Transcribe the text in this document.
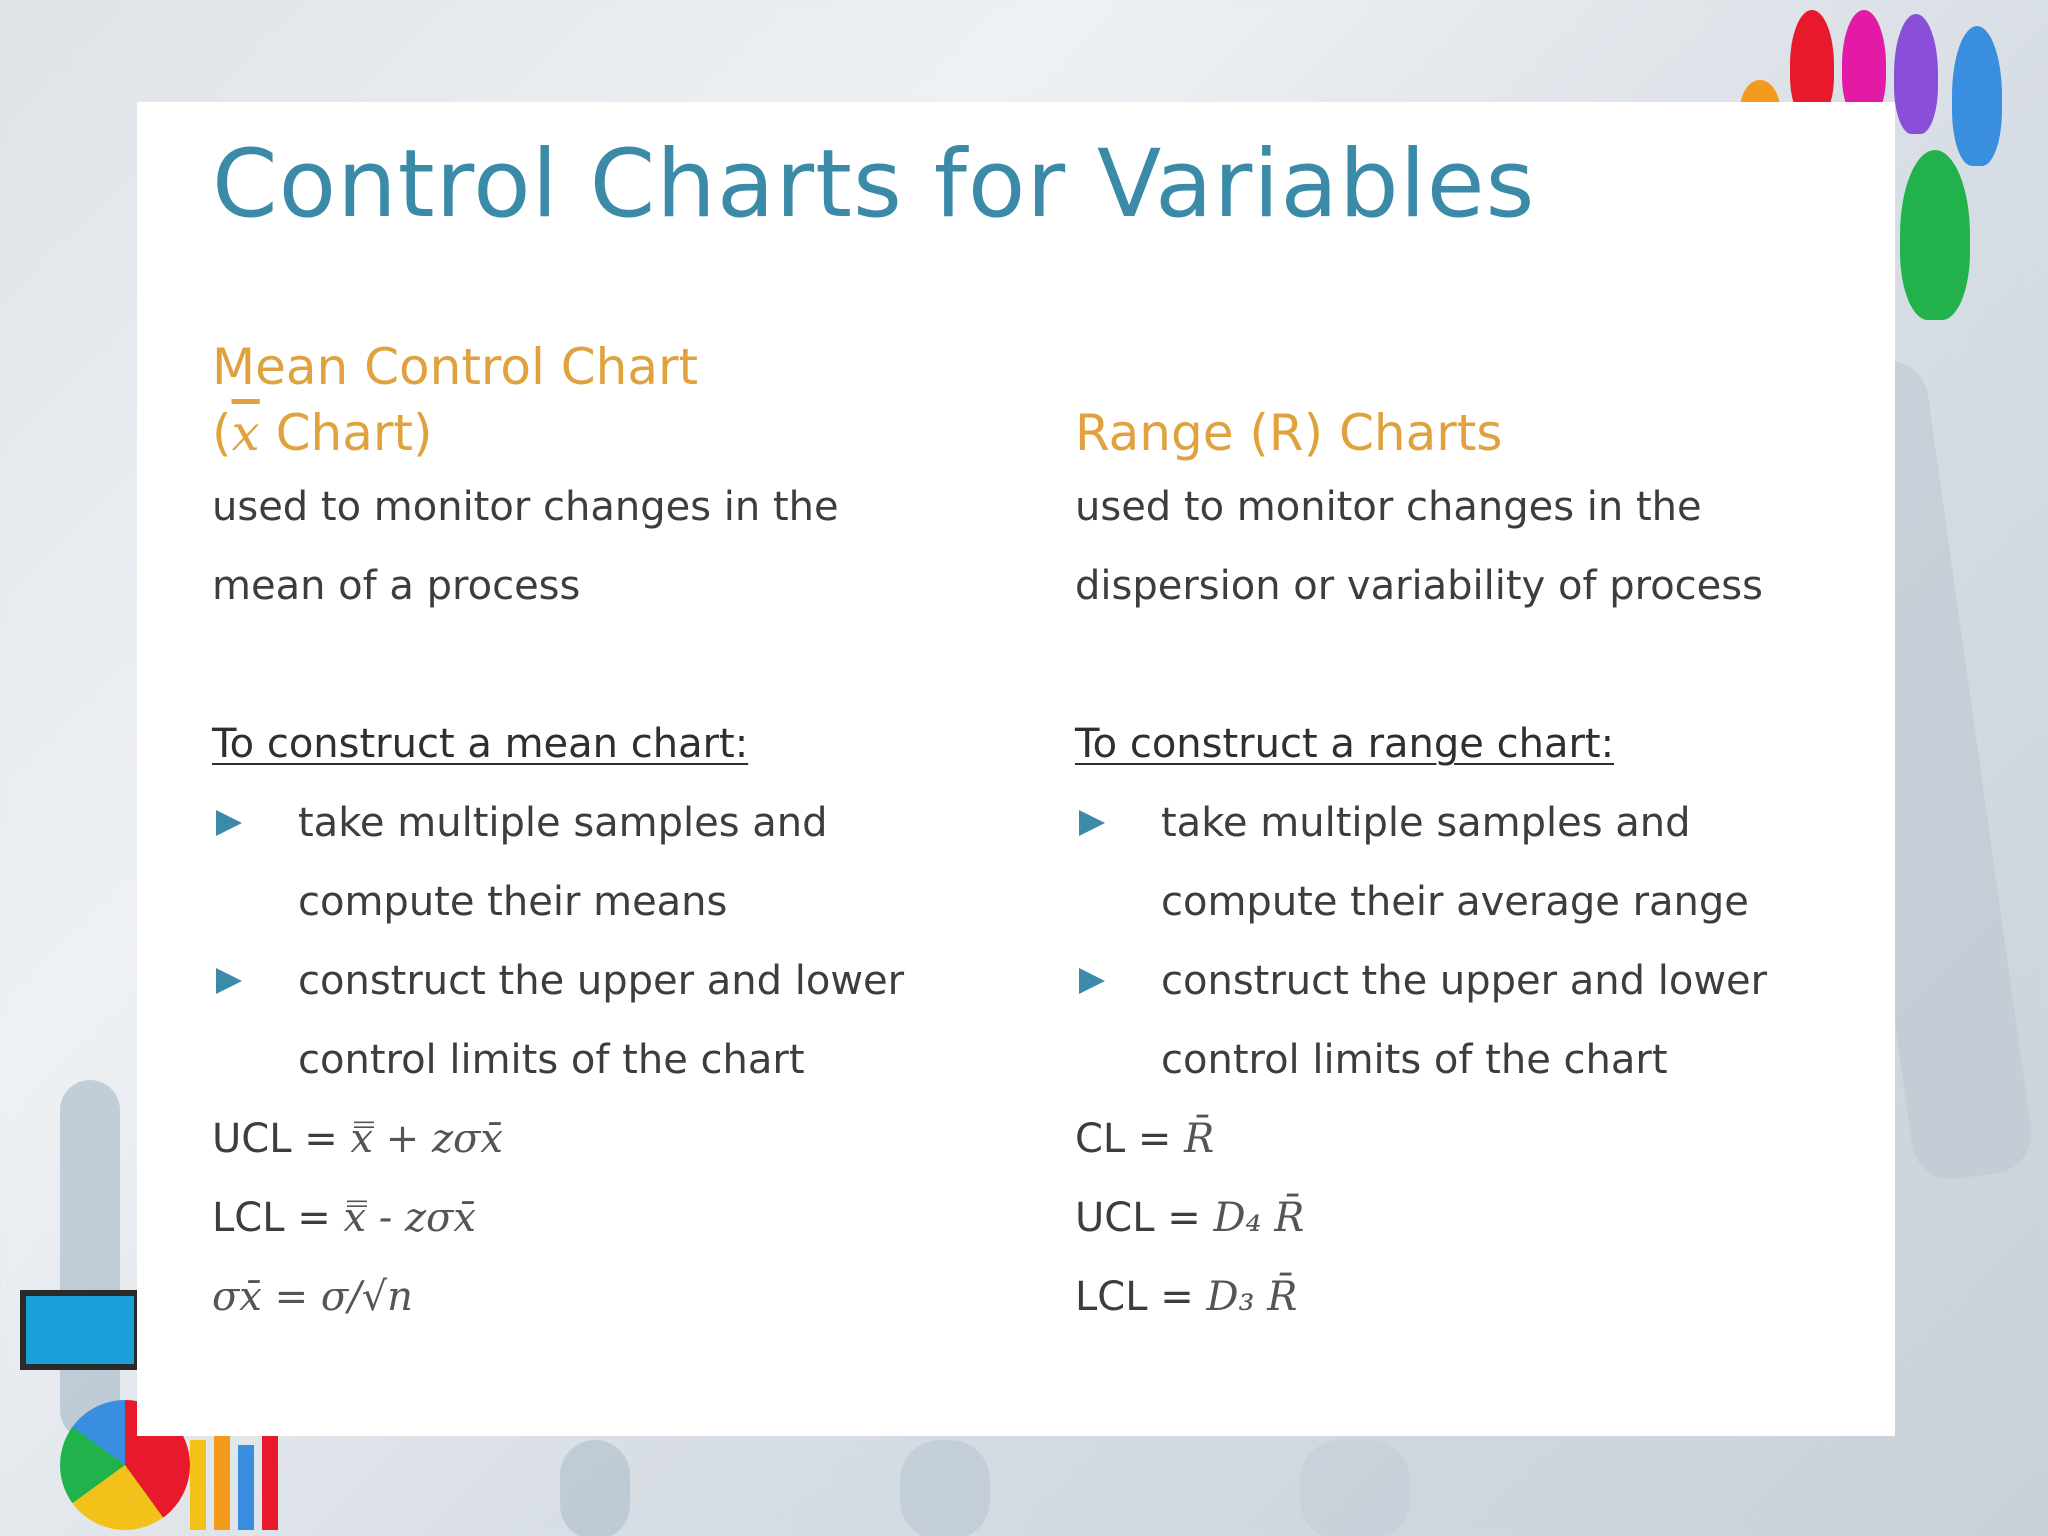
Control Charts for Variables
Mean Control Chart
($\overline{x}$ Chart)
used to monitor changes in the
mean of a process
To construct a mean chart:
take multiple samples and
compute their means
construct the upper and lower
control limits of the chart
UCL = x̿ + zσx̄
LCL = x̿ - zσx̄
σx̄ = σ/√n
Range (R) Charts
used to monitor changes in the
dispersion or variability of process
To construct a range chart:
take multiple samples and
compute their average range
construct the upper and lower
control limits of the chart
CL = R̄
UCL = D₄ R̄
LCL = D₃ R̄
